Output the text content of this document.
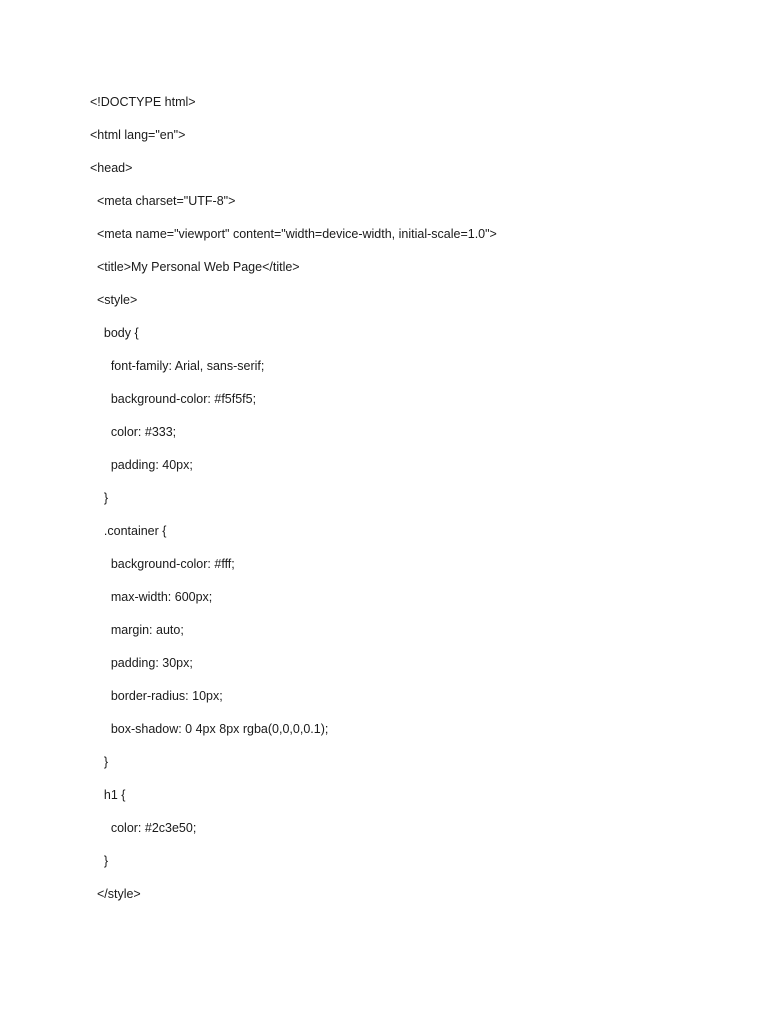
<!DOCTYPE html>

<html lang="en">

<head>

<meta charset="UTF-8">

<meta name="viewport" content="width=device-width, initial-scale=1.0">

<title>My Personal Web Page</title>

<style>

body {

font-family: Arial, sans-serif;

background-color: #f5f5f5;

color: #333;

padding: 40px;

}

.container {

background-color: #fff;

max-width: 600px;

margin: auto;

padding: 30px;

border-radius: 10px;

box-shadow: 0 4px 8px rgba(0,0,0,0.1);

}

h1 {

color: #2c3e50;

}

</style>
